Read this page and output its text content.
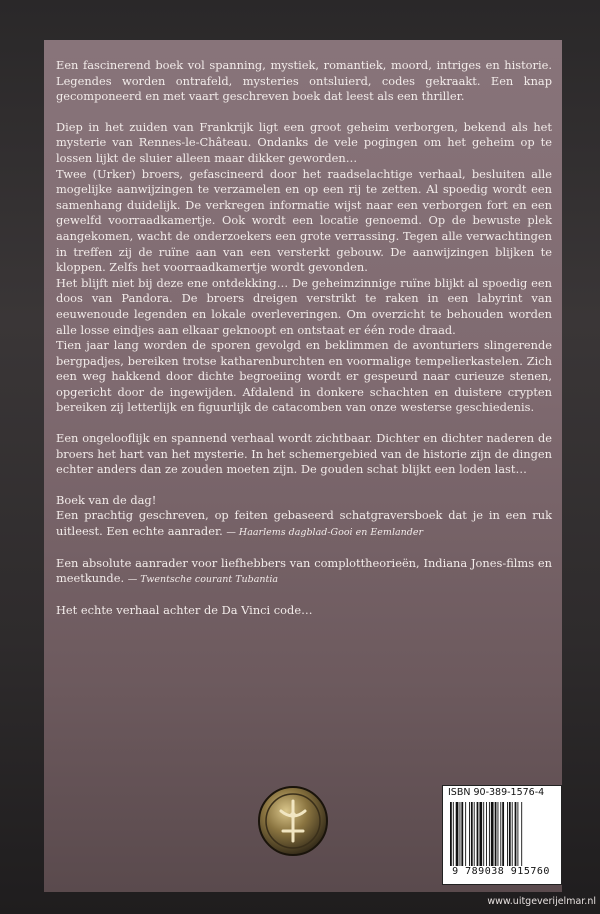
Een fascinerend boek vol spanning, mystiek, romantiek, moord, intriges en historie. Legendes worden ontrafeld, mysteries ontsluierd, codes gekraakt. Een knap gecomponeerd en met vaart geschreven boek dat leest als een thriller.

Diep in het zuiden van Frankrijk ligt een groot geheim verborgen, bekend als het mysterie van Rennes-le-Château. Ondanks de vele pogingen om het geheim op te lossen lijkt de sluier alleen maar dikker geworden…

Twee (Urker) broers, gefascineerd door het raadselachtige verhaal, besluiten alle mogelijke aanwijzingen te verzamelen en op een rij te zetten. Al spoedig wordt een samenhang duidelijk. De verkregen informatie wijst naar een verborgen fort en een gewelfd voorraadkamertje. Ook wordt een locatie genoemd. Op de bewuste plek aangekomen, wacht de onderzoekers een grote verrassing. Tegen alle verwachtingen in treffen zij de ruïne aan van een versterkt gebouw. De aanwijzingen blijken te kloppen. Zelfs het voorraadkamertje wordt gevonden.

Het blijft niet bij deze ene ontdekking… De geheimzinnige ruïne blijkt al spoedig een doos van Pandora. De broers dreigen verstrikt te raken in een labyrint van eeuwenoude legenden en lokale overleveringen. Om overzicht te behouden worden alle losse eindjes aan elkaar geknoopt en ontstaat er één rode draad.

Tien jaar lang worden de sporen gevolgd en beklimmen de avonturiers slingerende bergpadjes, bereiken trotse katharenburchten en voormalige tempelierkastelen. Zich een weg hakkend door dichte begroeiing wordt er gespeurd naar curieuze stenen, opgericht door de ingewijden. Afdalend in donkere schachten en duistere crypten bereiken zij letterlijk en figuurlijk de catacomben van onze westerse geschiedenis.

Een ongelooflijk en spannend verhaal wordt zichtbaar. Dichter en dichter naderen de broers het hart van het mysterie. In het schemergebied van de historie zijn de dingen echter anders dan ze zouden moeten zijn. De gouden schat blijkt een loden last…

Boek van de dag!

Een prachtig geschreven, op feiten gebaseerd schatgraversboek dat je in een ruk uitleest. Een echte aanrader. — Haarlems dagblad-Gooi en Eemlander

Een absolute aanrader voor liefhebbers van complottheorieën, Indiana Jones-films en meetkunde. — Twentsche courant Tubantia

Het echte verhaal achter de Da Vinci code…

ISBN 90-389-1576-4
9 789038 915760
www.uitgeverijelmar.nl
